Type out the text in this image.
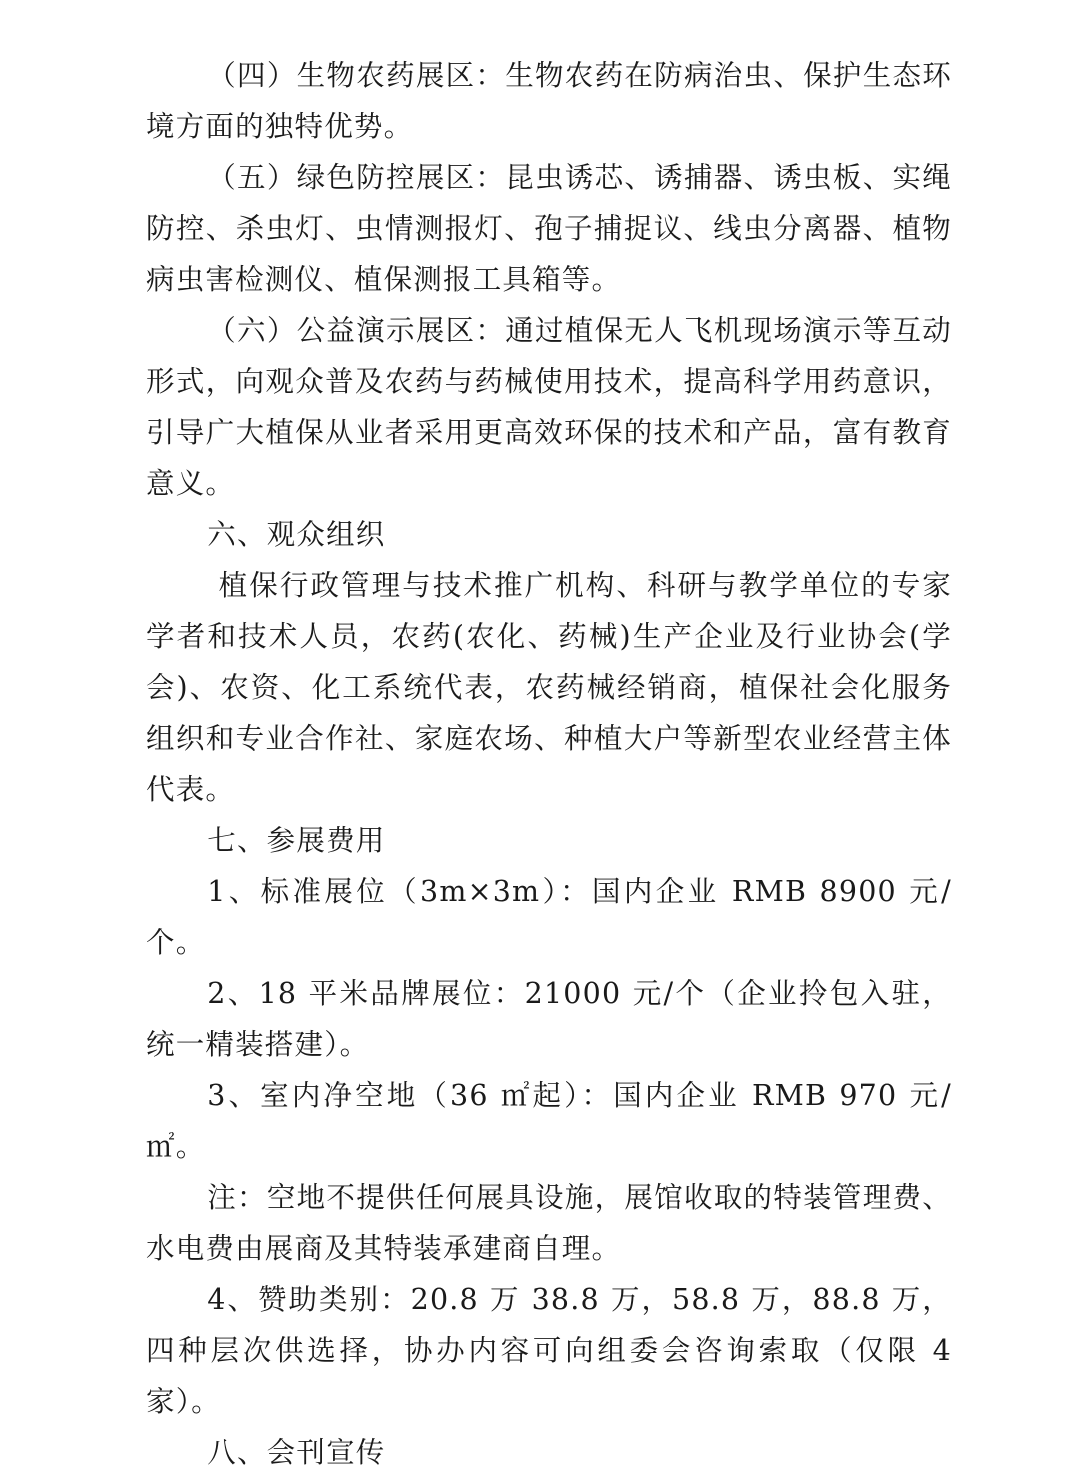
（四）生物农药展区：生物农药在防病治虫、保护生态环境方面的独特优势。

（五）绿色防控展区：昆虫诱芯、诱捕器、诱虫板、实绳防控、杀虫灯、虫情测报灯、孢子捕捉议、线虫分离器、植物病虫害检测仪、植保测报工具箱等。

（六）公益演示展区：通过植保无人飞机现场演示等互动形式，向观众普及农药与药械使用技术，提高科学用药意识，引导广大植保从业者采用更高效环保的技术和产品，富有教育意义。

六、观众组织

植保行政管理与技术推广机构、科研与教学单位的专家学者和技术人员，农药(农化、药械)生产企业及行业协会(学会)、农资、化工系统代表，农药械经销商，植保社会化服务组织和专业合作社、家庭农场、种植大户等新型农业经营主体代表。

七、参展费用

1、标准展位（3m×3m）：国内企业 RMB 8900 元/个。

2、18 平米品牌展位：21000 元/个（企业拎包入驻，统一精装搭建）。

3、室内净空地（36 ㎡起）：国内企业 RMB 970 元/㎡。

注：空地不提供任何展具设施，展馆收取的特装管理费、水电费由展商及其特装承建商自理。

4、赞助类别：20.8 万 38.8 万，58.8 万，88.8 万，四种层次供选择，协办内容可向组委会咨询索取（仅限 4 家）。

八、会刊宣传
